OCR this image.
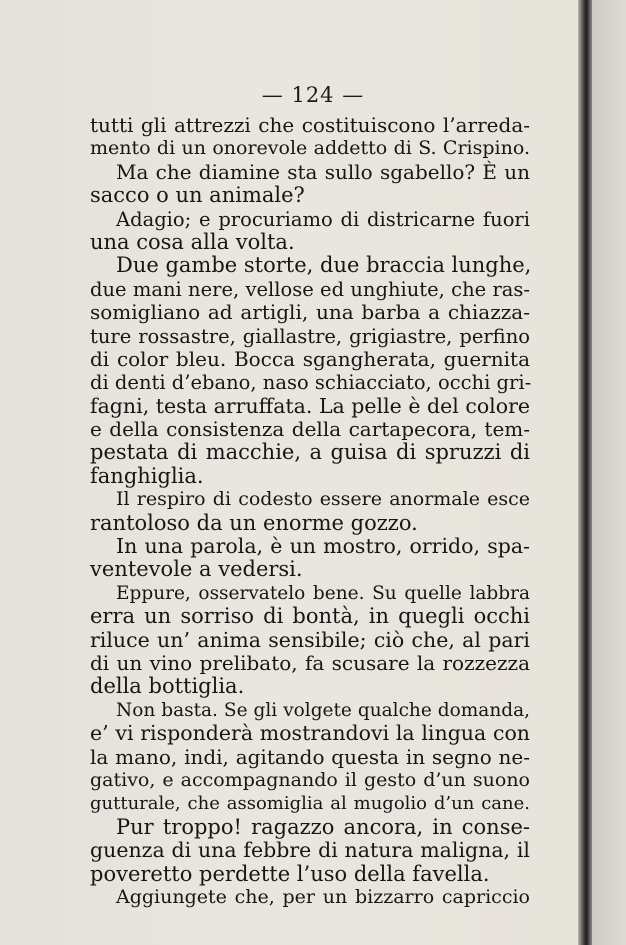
— 124 —
tutti gli attrezzi che costituiscono l’arreda-
mento di un onorevole addetto di S. Crispino.
Ma che diamine sta sullo sgabello? È un
sacco o un animale?
Adagio; e procuriamo di districarne fuori
una cosa alla volta.
Due gambe storte, due braccia lunghe,
due mani nere, vellose ed unghiute, che ras-
somigliano ad artigli, una barba a chiazza-
ture rossastre, giallastre, grigiastre, perfino
di color bleu. Bocca sgangherata, guernita
di denti d’ebano, naso schiacciato, occhi gri-
fagni, testa arruffata. La pelle è del colore
e della consistenza della cartapecora, tem-
pestata di macchie, a guisa di spruzzi di
fanghiglia.
Il respiro di codesto essere anormale esce
rantoloso da un enorme gozzo.
In una parola, è un mostro, orrido, spa-
ventevole a vedersi.
Eppure, osservatelo bene. Su quelle labbra
erra un sorriso di bontà, in quegli occhi
riluce un’ anima sensibile; ciò che, al pari
di un vino prelibato, fa scusare la rozzezza
della bottiglia.
Non basta. Se gli volgete qualche domanda,
e’ vi risponderà mostrandovi la lingua con
la mano, indi, agitando questa in segno ne-
gativo, e accompagnando il gesto d’un suono
gutturale, che assomiglia al mugolio d’un cane.
Pur troppo! ragazzo ancora, in conse-
guenza di una febbre di natura maligna, il
poveretto perdette l’uso della favella.
Aggiungete che, per un bizzarro capriccio
